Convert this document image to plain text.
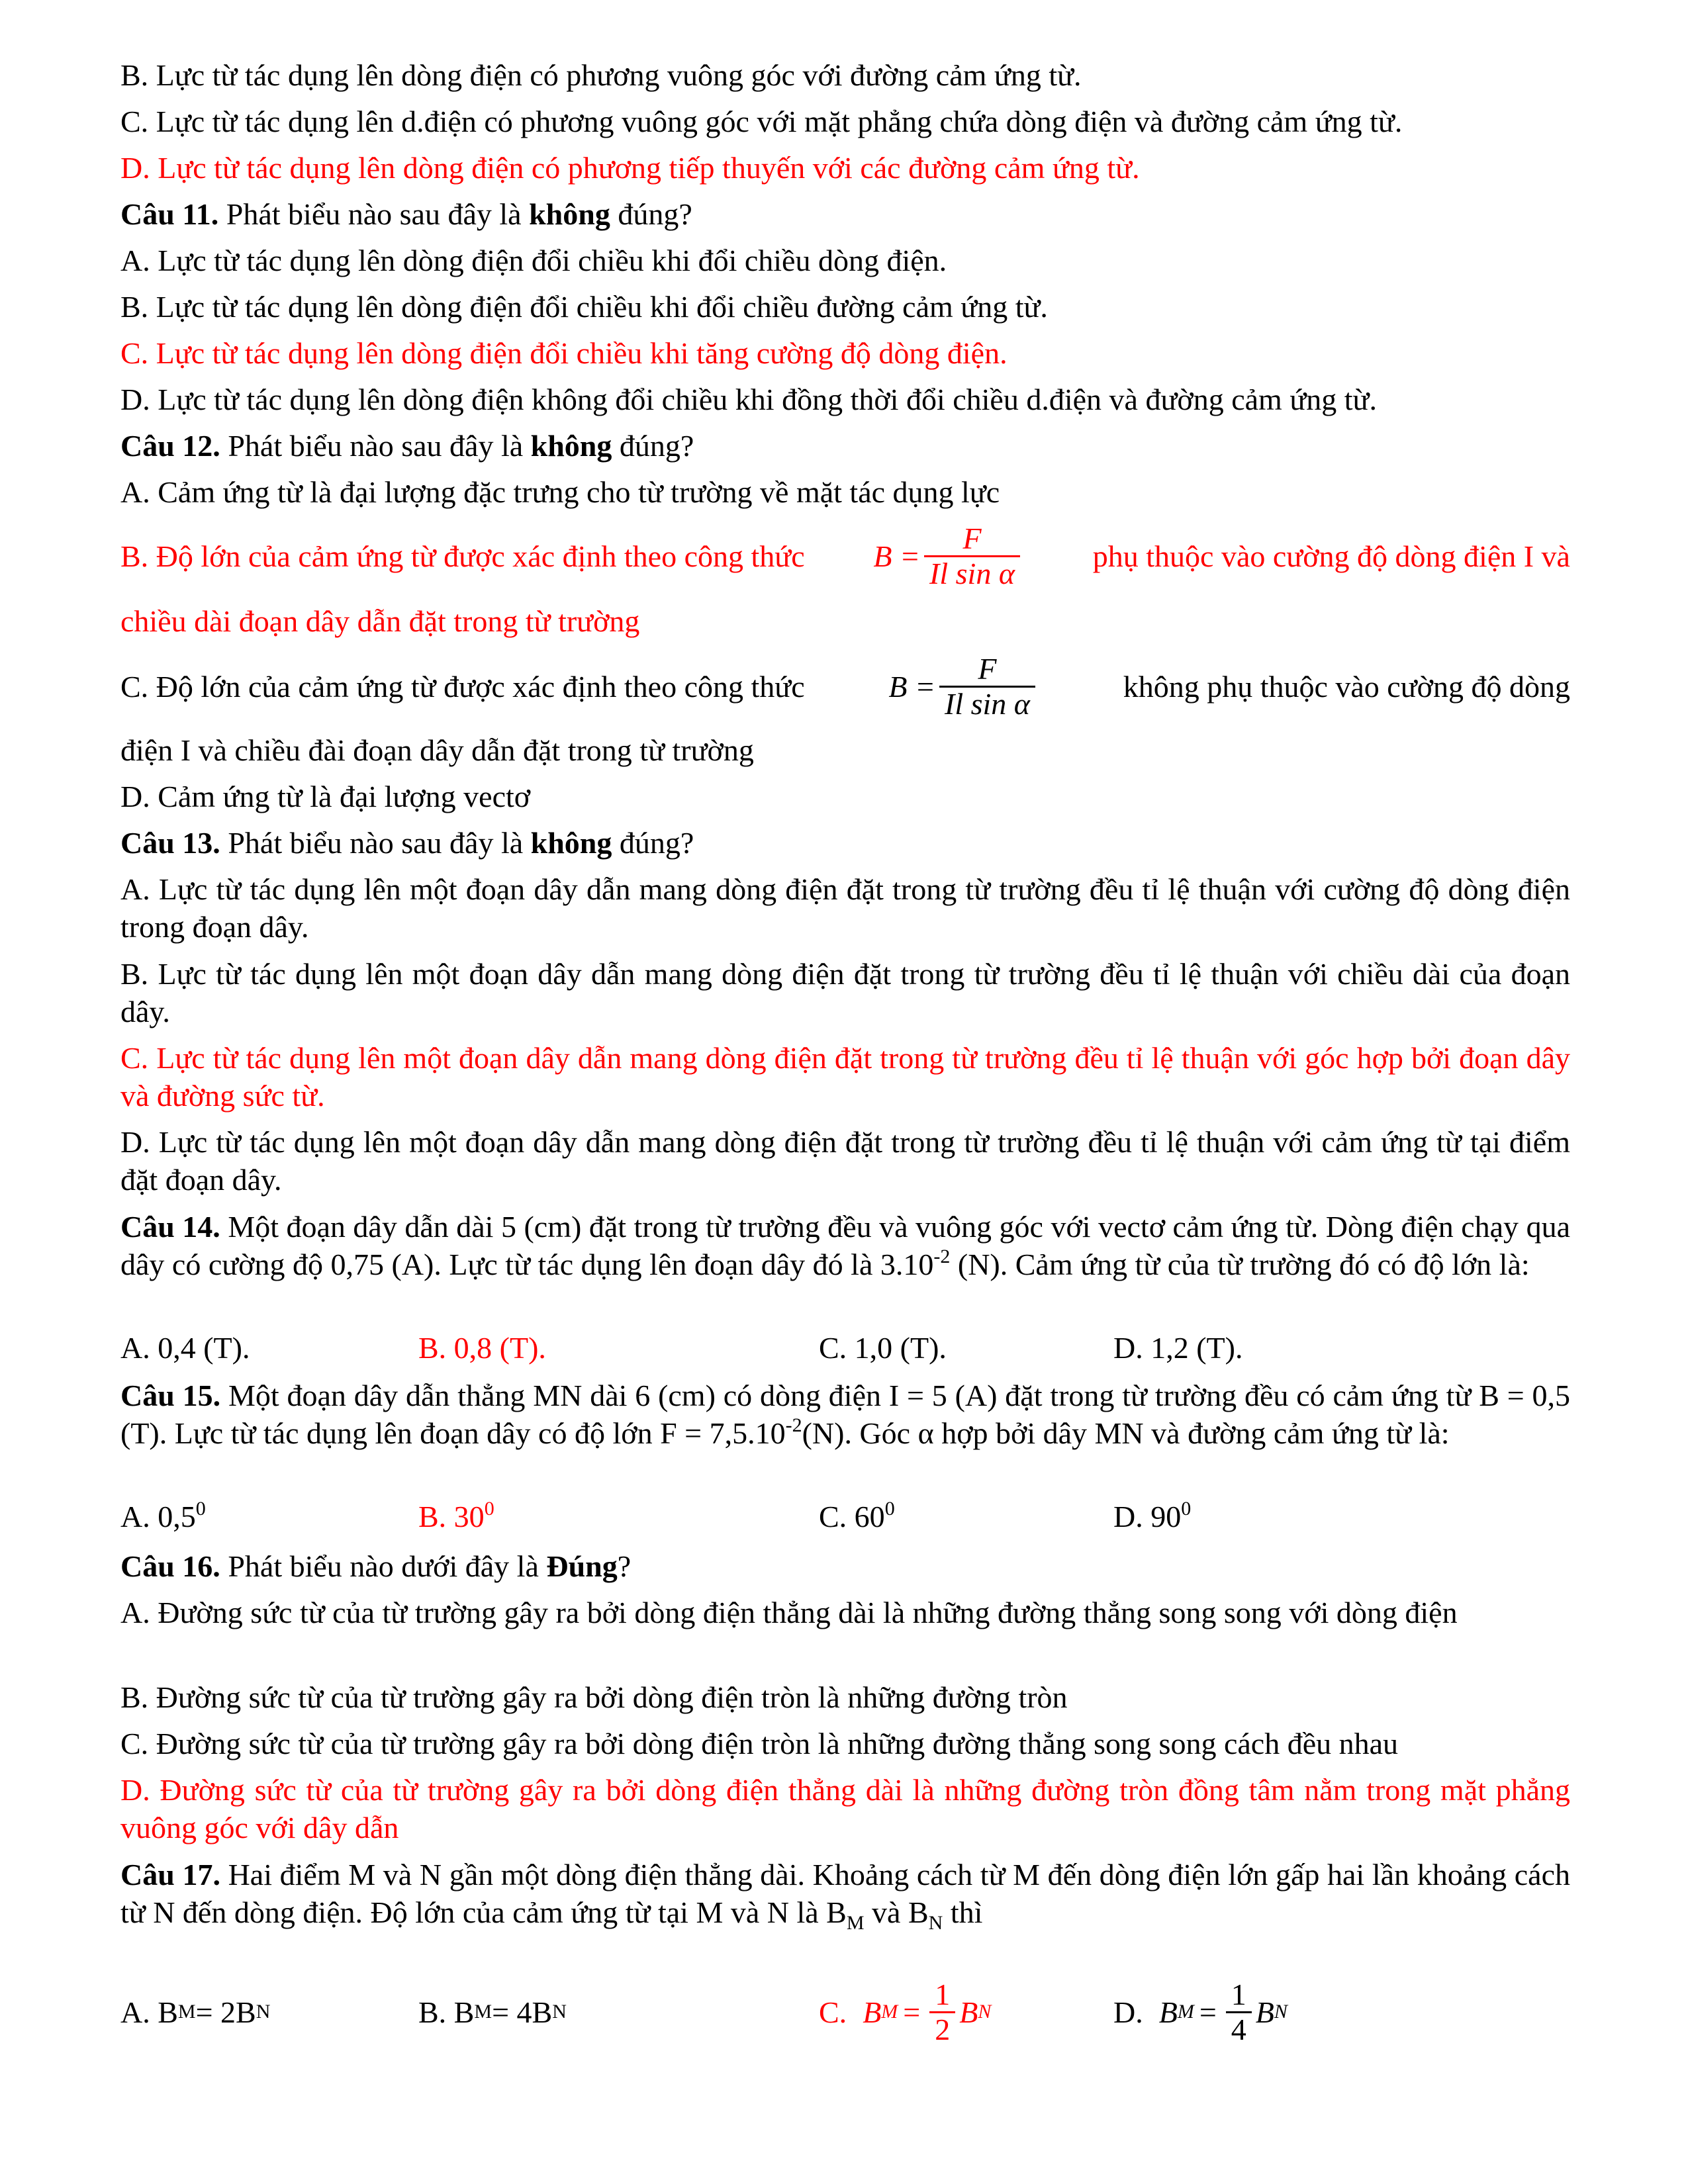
B. Lực từ tác dụng lên dòng điện có phương vuông góc với đường cảm ứng từ.
C. Lực từ tác dụng lên d.điện có phương vuông góc với mặt phẳng chứa dòng điện và đường cảm ứng từ.
D. Lực từ tác dụng lên dòng điện có phương tiếp thuyến với các đường cảm ứng từ.
Câu 11. Phát biểu nào sau đây là không đúng?
A. Lực từ tác dụng lên dòng điện đổi chiều khi đổi chiều dòng điện.
B. Lực từ tác dụng lên dòng điện đổi chiều khi đổi chiều đường cảm ứng từ.
C. Lực từ tác dụng lên dòng điện đổi chiều khi tăng cường độ dòng điện.
D. Lực từ tác dụng lên dòng điện không đổi chiều khi đồng thời đổi chiều d.điện và đường cảm ứng từ.
Câu 12. Phát biểu nào sau đây là không đúng?
A. Cảm ứng từ là đại lượng đặc trưng cho từ trường về mặt tác dụng lực
B. Độ lớn của cảm ứng từ được xác định theo công thức $B = \frac{F}{\text{Il sin α}}$ phụ thuộc vào cường độ dòng điện I và
chiều dài đoạn dây dẫn đặt trong từ trường
C. Độ lớn của cảm ứng từ được xác định theo công thức	$B = \frac{F}{\text{Il sin α}}$	không phụ thuộc vào cường độ dòng
điện I và chiều đài đoạn dây dẫn đặt trong từ trường
D. Cảm ứng từ là đại lượng vectơ
Câu 13. Phát biểu nào sau đây là không đúng?
A. Lực từ tác dụng lên một đoạn dây dẫn mang dòng điện đặt trong từ trường đều tỉ lệ thuận với cường độ dòng điện trong đoạn dây.
B. Lực từ tác dụng lên một đoạn dây dẫn mang dòng điện đặt trong từ trường đều tỉ lệ thuận với chiều dài của đoạn dây.
C. Lực từ tác dụng lên một đoạn dây dẫn mang dòng điện đặt trong từ trường đều tỉ lệ thuận với góc hợp bởi đoạn dây và đường sức từ.
D. Lực từ tác dụng lên một đoạn dây dẫn mang dòng điện đặt trong từ trường đều tỉ lệ thuận với cảm ứng từ tại điểm đặt đoạn dây.
Câu 14. Một đoạn dây dẫn dài 5 (cm) đặt trong từ trường đều và vuông góc với vectơ cảm ứng từ. Dòng điện chạy qua dây có cường độ 0,75 (A). Lực từ tác dụng lên đoạn dây đó là $3.10^{-2}$ (N). Cảm ứng từ của từ trường đó có độ lớn là:
A. 0,4 (T).	B. 0,8 (T).	C. 1,0 (T).	D. 1,2 (T).
Câu 15. Một đoạn dây dẫn thẳng MN dài 6 (cm) có dòng điện I = 5 (A) đặt trong từ trường đều có cảm ứng từ B = 0,5 (T). Lực từ tác dụng lên đoạn dây có độ lớn $F = 7,5.10^{-2}(N)$. Góc α hợp bởi dây MN và đường cảm ứng từ là:
A. $0,5^0$	B. $30^0$	C. $60^0$	D. $90^0$
Câu 16. Phát biểu nào dưới đây là Đúng?
A. Đường sức từ của từ trường gây ra bởi dòng điện thẳng dài là những đường thẳng song song với dòng điện
B. Đường sức từ của từ trường gây ra bởi dòng điện tròn là những đường tròn
C. Đường sức từ của từ trường gây ra bởi dòng điện tròn là những đường thẳng song song cách đều nhau
D. Đường sức từ của từ trường gây ra bởi dòng điện thẳng dài là những đường tròn đồng tâm nằm trong mặt phẳng vuông góc với dây dẫn
Câu 17. Hai điểm M và N gần một dòng điện thẳng dài. Khoảng cách từ M đến dòng điện lớn gấp hai lần khoảng cách từ N đến dòng điện. Độ lớn của cảm ứng từ tại M và N là $B_M$ và $B_N$ thì
A. B M = 2B N	B. B M = 4B N	C. B $M = \frac{1}{2}$ B N	D. B $M = \frac{1}{4}$ B N
